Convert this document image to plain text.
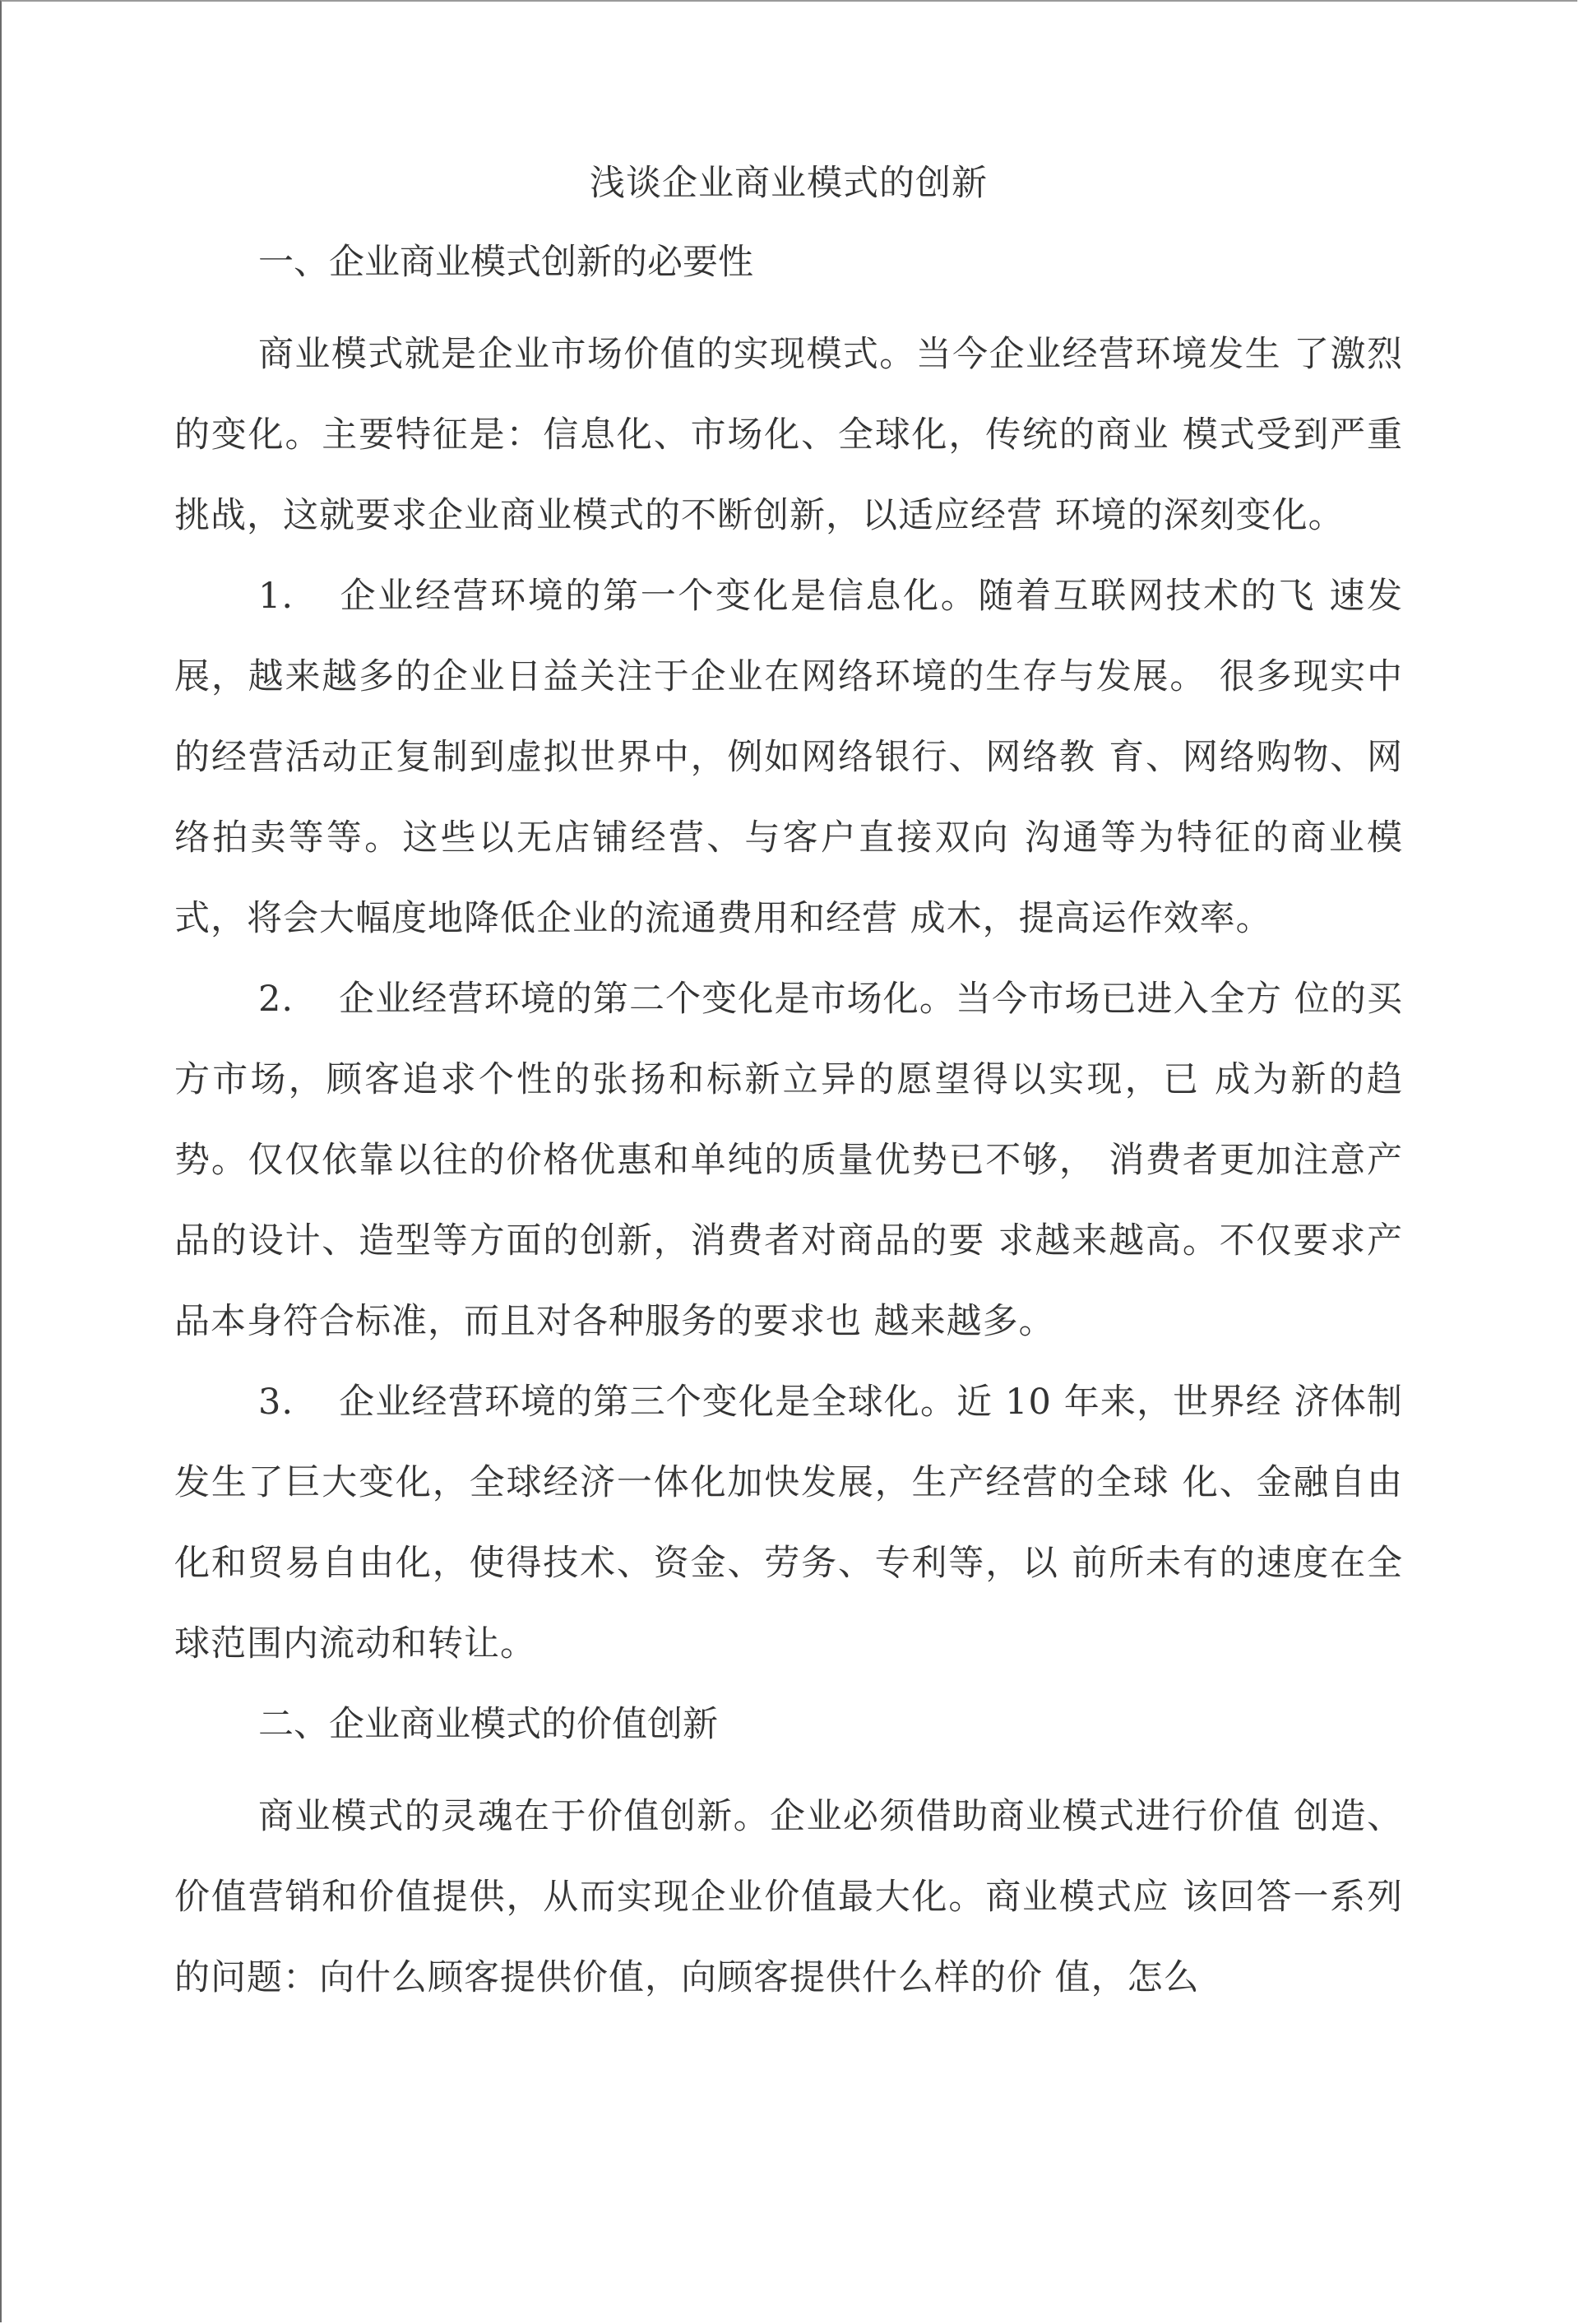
浅谈企业商业模式的创新
一、企业商业模式创新的必要性

商业模式就是企业市场价值的实现模式。当今企业经营环境发生 了激烈的变化。主要特征是：信息化、市场化、全球化，传统的商业 模式受到严重挑战，这就要求企业商业模式的不断创新，以适应经营 环境的深刻变化。

1. 企业经营环境的第一个变化是信息化。随着互联网技术的飞 速发展，越来越多的企业日益关注于企业在网络环境的生存与发展。 很多现实中的经营活动正复制到虚拟世界中，例如网络银行、网络教 育、网络购物、网络拍卖等等。这些以无店铺经营、与客户直接双向 沟通等为特征的商业模式，将会大幅度地降低企业的流通费用和经营 成木，提高运作效率。

2. 企业经营环境的第二个变化是市场化。当今市场已进入全方 位的买方市场，顾客追求个性的张扬和标新立异的愿望得以实现，已 成为新的趋势。仅仅依靠以往的价格优惠和单纯的质量优势已不够， 消费者更加注意产品的设计、造型等方面的创新，消费者对商品的要 求越来越高。不仅要求产品本身符合标准，而且对各种服务的要求也 越来越多。

3. 企业经营环境的第三个变化是全球化。近 10 年来，世界经 济体制发生了巨大变化，全球经济一体化加快发展，生产经营的全球 化、金融自由化和贸易自由化，使得技术、资金、劳务、专利等，以 前所未有的速度在全球范围内流动和转让。

二、企业商业模式的价值创新

商业模式的灵魂在于价值创新。企业必须借助商业模式进行价值 创造、价值营销和价值提供，从而实现企业价值最大化。商业模式应 该回答一系列的问题：向什么顾客提供价值，向顾客提供什么样的价 值，怎么
